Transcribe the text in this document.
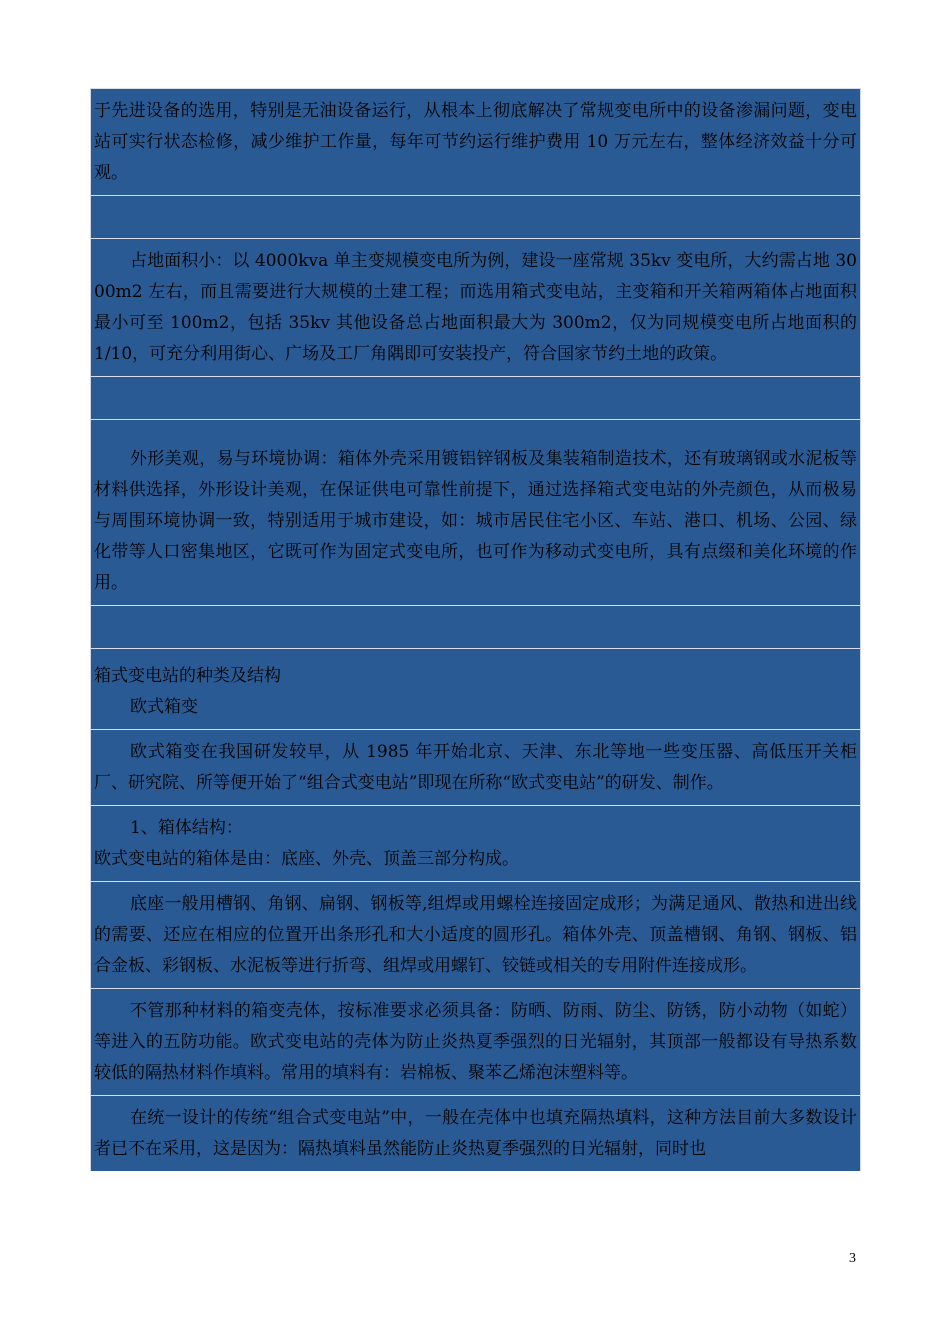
于先进设备的选用，特别是无油设备运行，从根本上彻底解决了常规变电所中的设备渗漏问题，变电站可实行状态检修，减少维护工作量，每年可节约运行维护费用 10 万元左右，整体经济效益十分可观。

占地面积小：以 4000kva 单主变规模变电所为例，建设一座常规 35kv 变电所，大约需占地 3000m2 左右，而且需要进行大规模的土建工程；而选用箱式变电站，主变箱和开关箱两箱体占地面积最小可至 100m2，包括 35kv 其他设备总占地面积最大为 300m2，仅为同规模变电所占地面积的 1/10，可充分利用街心、广场及工厂角隅即可安装投产，符合国家节约土地的政策。

外形美观，易与环境协调：箱体外壳采用镀铝锌钢板及集装箱制造技术，还有玻璃钢或水泥板等材料供选择，外形设计美观，在保证供电可靠性前提下，通过选择箱式变电站的外壳颜色，从而极易与周围环境协调一致，特别适用于城市建设，如：城市居民住宅小区、车站、港口、机场、公园、绿化带等人口密集地区，它既可作为固定式变电所，也可作为移动式变电所，具有点缀和美化环境的作用。

箱式变电站的种类及结构

欧式箱变

欧式箱变在我国研发较早，从 1985 年开始北京、天津、东北等地一些变压器、高低压开关柜厂、研究院、所等便开始了“组合式变电站”即现在所称“欧式变电站”的研发、制作。

1、箱体结构：

欧式变电站的箱体是由：底座、外壳、顶盖三部分构成。

底座一般用槽钢、角钢、扁钢、钢板等,组焊或用螺栓连接固定成形；为满足通风、散热和进出线的需要、还应在相应的位置开出条形孔和大小适度的圆形孔。箱体外壳、顶盖槽钢、角钢、钢板、铝合金板、彩钢板、水泥板等进行折弯、组焊或用螺钉、铰链或相关的专用附件连接成形。

不管那种材料的箱变壳体，按标准要求必须具备：防晒、防雨、防尘、防锈，防小动物（如蛇）等进入的五防功能。欧式变电站的壳体为防止炎热夏季强烈的日光辐射，其顶部一般都设有导热系数较低的隔热材料作填料。常用的填料有：岩棉板、聚苯乙烯泡沫塑料等。

在统一设计的传统“组合式变电站”中，一般在壳体中也填充隔热填料，这种方法目前大多数设计者已不在采用，这是因为：隔热填料虽然能防止炎热夏季强烈的日光辐射，同时也

3
